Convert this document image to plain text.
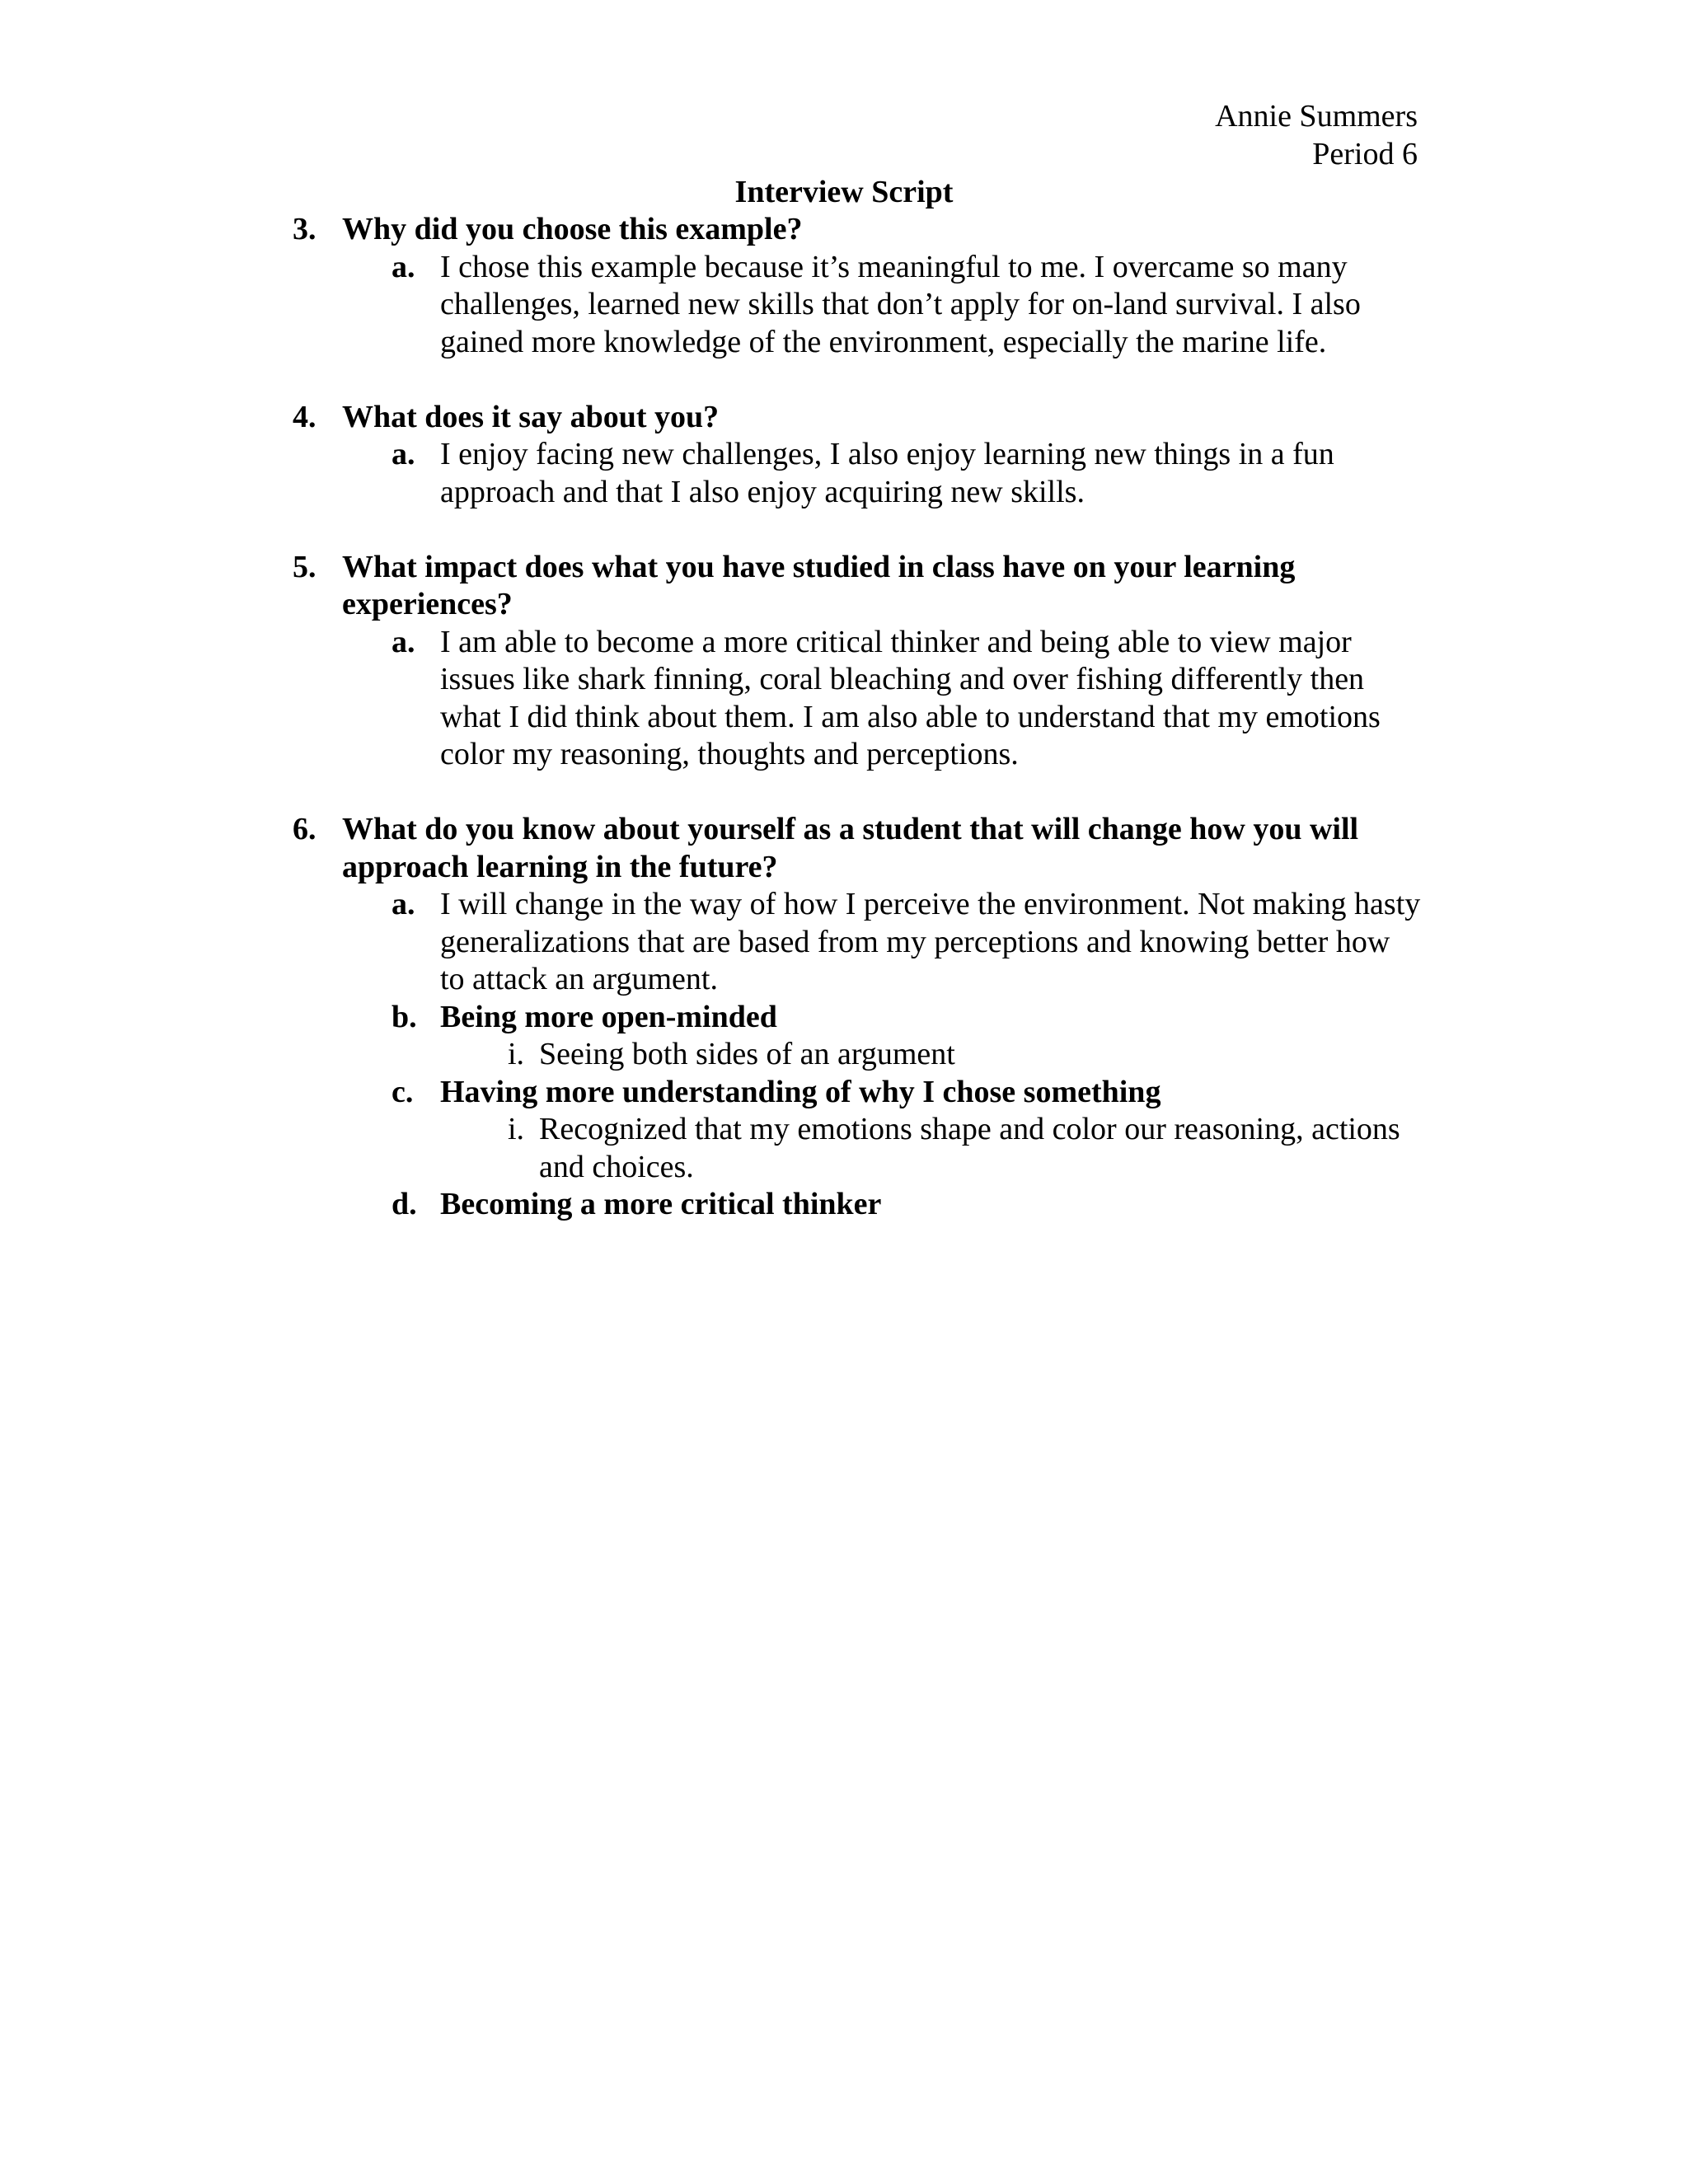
Annie Summers
Period 6
Interview Script
3. Why did you choose this example?
a. I chose this example because it’s meaningful to me. I overcame so many challenges, learned new skills that don’t apply for on-land survival. I also gained more knowledge of the environment, especially the marine life.
4. What does it say about you?
a. I enjoy facing new challenges, I also enjoy learning new things in a fun approach and that I also enjoy acquiring new skills.
5. What impact does what you have studied in class have on your learning experiences?
a. I am able to become a more critical thinker and being able to view major issues like shark finning, coral bleaching and over fishing differently then what I did think about them. I am also able to understand that my emotions color my reasoning, thoughts and perceptions.
6. What do you know about yourself as a student that will change how you will approach learning in the future?
a. I will change in the way of how I perceive the environment. Not making hasty generalizations that are based from my perceptions and knowing better how to attack an argument.
b. Being more open-minded
i. Seeing both sides of an argument
c. Having more understanding of why I chose something
i. Recognized that my emotions shape and color our reasoning, actions and choices.
d. Becoming a more critical thinker
